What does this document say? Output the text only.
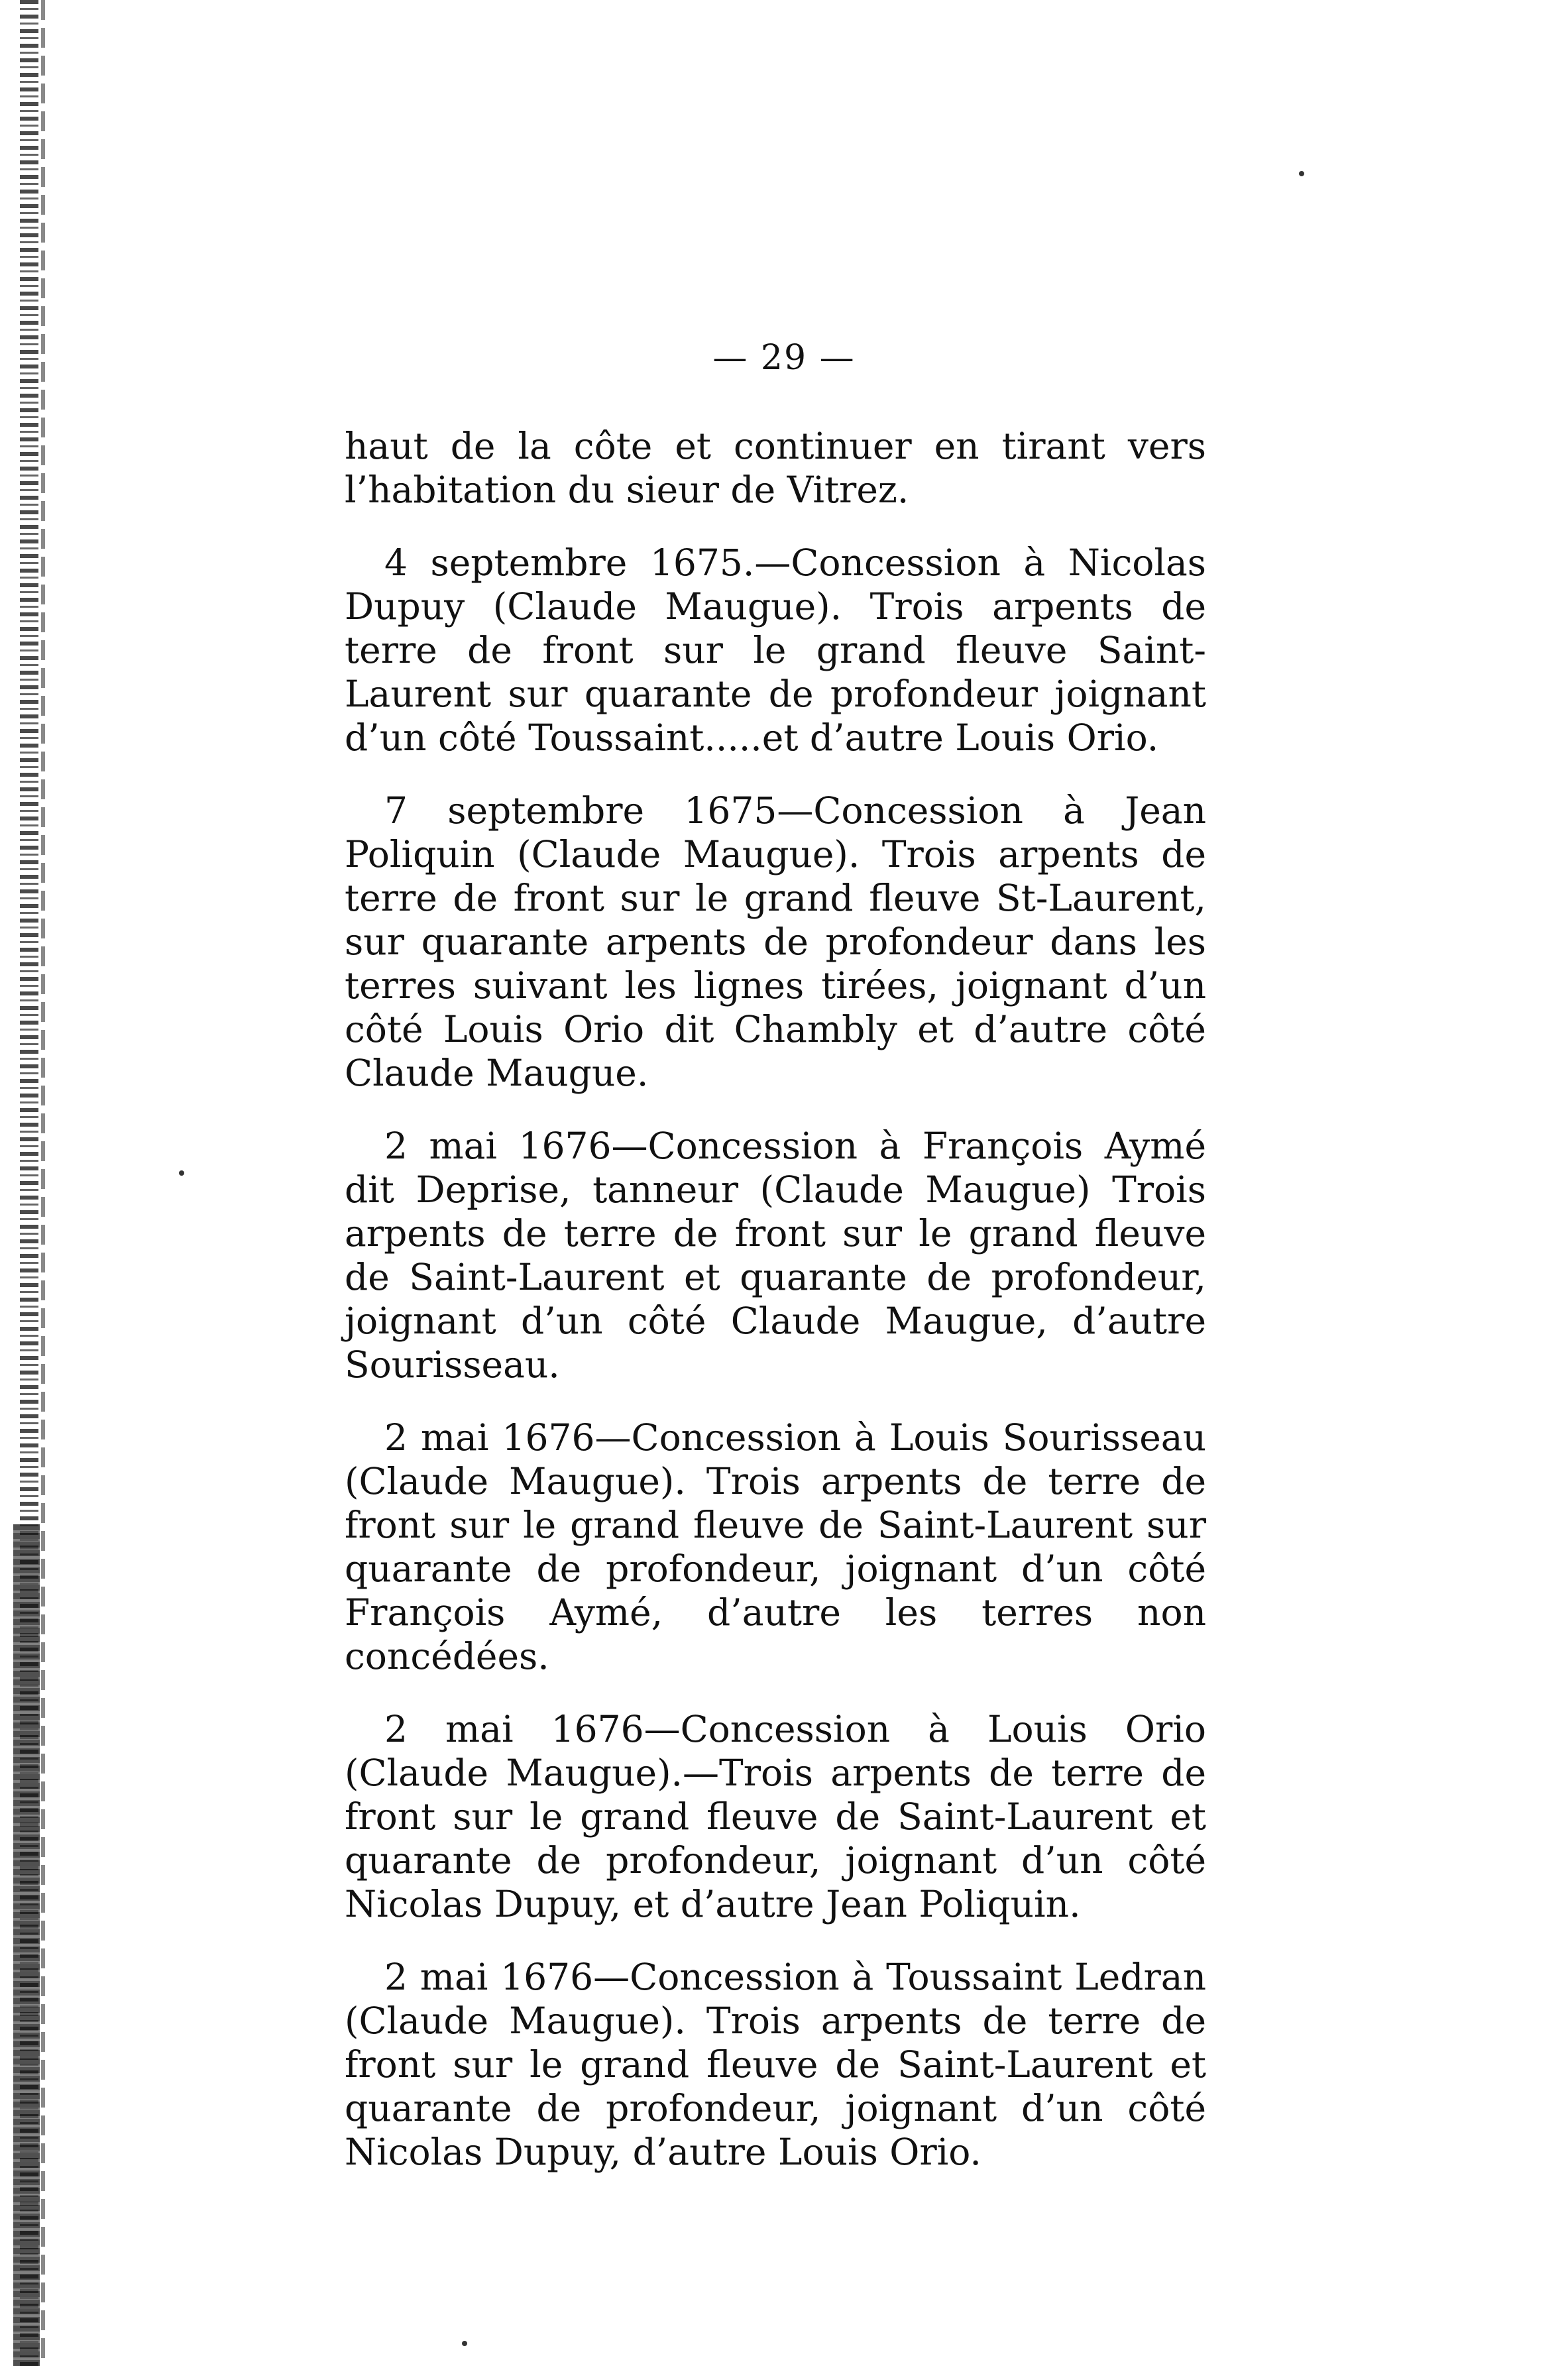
— 29 —

haut de la côte et continuer en tirant vers l’habitation du sieur de Vitrez.

4 septembre 1675.—Concession à Nicolas Dupuy (Claude Maugue). Trois arpents de terre de front sur le grand fleuve Saint-Laurent sur quarante de profondeur joignant d’un côté Toussaint.....et d’autre Louis Orio.

7 septembre 1675—Concession à Jean Poliquin (Claude Maugue). Trois arpents de terre de front sur le grand fleuve St-Laurent, sur quarante arpents de profondeur dans les terres suivant les lignes tirées, joignant d’un côté Louis Orio dit Chambly et d’autre côté Claude Maugue.

2 mai 1676—Concession à François Aymé dit Deprise, tanneur (Claude Maugue) Trois arpents de terre de front sur le grand fleuve de Saint-Laurent et quarante de profondeur, joignant d’un côté Claude Maugue, d’autre Sourisseau.

2 mai 1676—Concession à Louis Sourisseau (Claude Maugue). Trois arpents de terre de front sur le grand fleuve de Saint-Laurent sur quarante de profondeur, joignant d’un côté François Aymé, d’autre les terres non concédées.

2 mai 1676—Concession à Louis Orio (Claude Maugue).—Trois arpents de terre de front sur le grand fleuve de Saint-Laurent et quarante de profondeur, joignant d’un côté Nicolas Dupuy, et d’autre Jean Poliquin.

2 mai 1676—Concession à Toussaint Ledran (Claude Maugue). Trois arpents de terre de front sur le grand fleuve de Saint-Laurent et quarante de profondeur, joignant d’un côté Nicolas Dupuy, d’autre Louis Orio.
